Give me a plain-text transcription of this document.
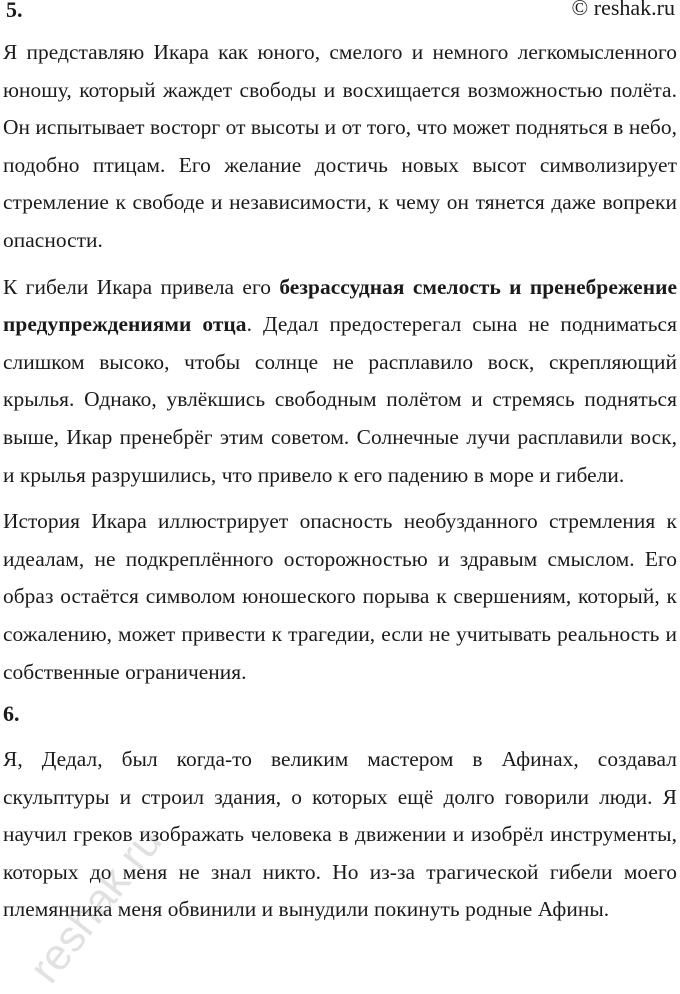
5.	© reshak.ru

Я представляю Икара как юного, смелого и немного легкомысленного юношу, который жаждет свободы и восхищается возможностью полёта. Он испытывает восторг от высоты и от того, что может подняться в небо, подобно птицам. Его желание достичь новых высот символизирует стремление к свободе и независимости, к чему он тянется даже вопреки опасности.

К гибели Икара привела его безрассудная смелость и пренебрежение предупреждениями отца. Дедал предостерегал сына не подниматься слишком высоко, чтобы солнце не расплавило воск, скрепляющий крылья. Однако, увлёкшись свободным полётом и стремясь подняться выше, Икар пренебрёг этим советом. Солнечные лучи расплавили воск, и крылья разрушились, что привело к его падению в море и гибели.

История Икара иллюстрирует опасность необузданного стремления к идеалам, не подкреплённого осторожностью и здравым смыслом. Его образ остаётся символом юношеского порыва к свершениям, который, к сожалению, может привести к трагедии, если не учитывать реальность и собственные ограничения.

6.

Я, Дедал, был когда-то великим мастером в Афинах, создавал скульптуры и строил здания, о которых ещё долго говорили люди. Я научил греков изображать человека в движении и изобрёл инструменты, которых до меня не знал никто. Но из-за трагической гибели моего племянника меня обвинили и вынудили покинуть родные Афины.

reshak.ru
